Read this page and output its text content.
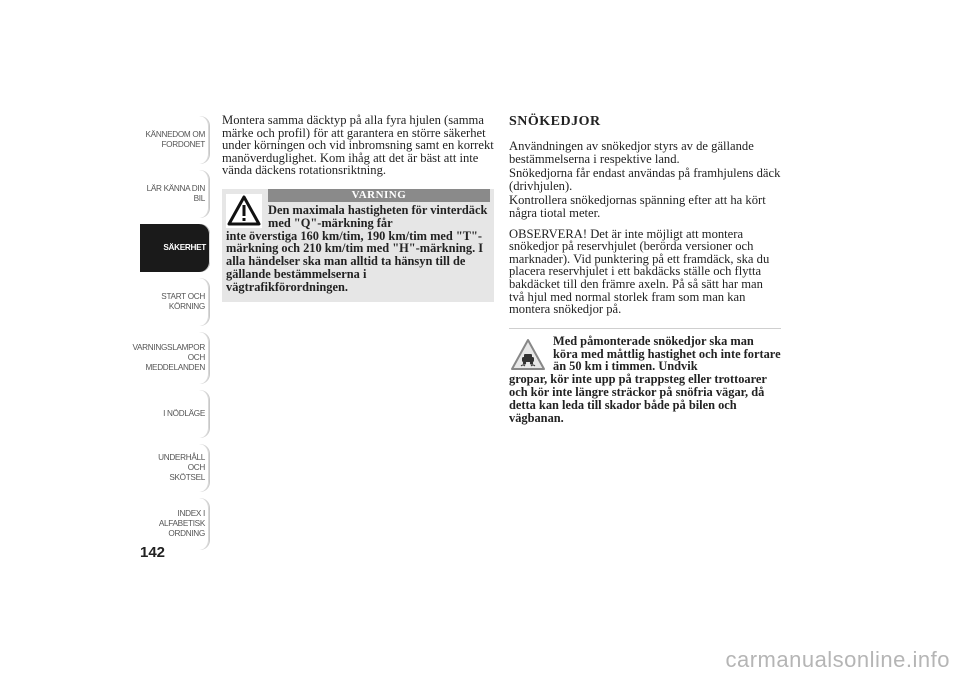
KÄNNEDOM OM
FORDONET
LÄR KÄNNA DIN
BIL
SÄKERHET
START OCH
KÖRNING
VARNINGSLAMPOR
OCH
MEDDELANDEN
I NÖDLÄGE
UNDERHÅLL OCH
SKÖTSEL
INDEX I
ALFABETISK
ORDNING
142

Montera samma däcktyp på alla fyra hjulen (samma märke och profil) för att garantera en större säkerhet under körningen och vid inbromsning samt en korrekt manöverduglighet. Kom ihåg att det är bäst att inte vända däckens rotationsriktning.

VARNING
Den maximala hastigheten för vinterdäck med "Q"-märkning får
inte överstiga 160 km/tim, 190 km/tim med "T"-märkning och 210 km/tim med "H"-märkning. I alla händelser ska man alltid ta hänsyn till de gällande bestämmelserna i vägtrafikförordningen.
SNÖKEDJOR

Användningen av snökedjor styrs av de gällande bestämmelserna i respektive land.

Snökedjorna får endast användas på framhjulens däck (drivhjulen).

Kontrollera snökedjornas spänning efter att ha kört några tiotal meter.

OBSERVERA! Det är inte möjligt att montera snökedjor på reservhjulet (berörda versioner och marknader). Vid punktering på ett framdäck, ska du placera reservhjulet i ett bakdäcks ställe och flytta bakdäcket till den främre axeln. På så sätt har man två hjul med normal storlek fram som man kan montera snökedjor på.

Med påmonterade snökedjor ska man köra med måttlig hastighet och inte fortare än 50 km i timmen. Undvik
gropar, kör inte upp på trappsteg eller trottoarer och kör inte längre sträckor på snöfria vägar, då detta kan leda till skador både på bilen och vägbanan.
carmanualsonline.info
